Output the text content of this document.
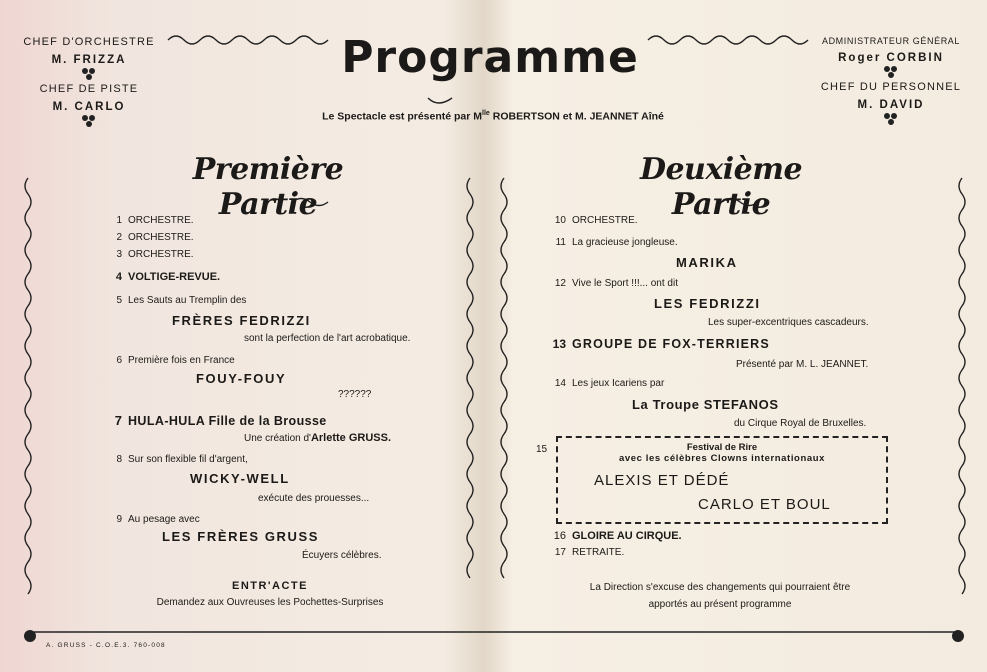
CHEF D'ORCHESTRE
M. FRIZZA
CHEF DE PISTE
M. CARLO
ADMINISTRATEUR GÉNÉRAL
Roger CORBIN
CHEF DU PERSONNEL
M. DAVID
Programme
Le Spectacle est présenté par $M^{lle}$ ROBERTSON et M. JEANNET Aîné
Première Partie
1 ORCHESTRE.
2 ORCHESTRE.
3 ORCHESTRE.
4 VOLTIGE-REVUE.
5 Les Sauts au Tremplin des
FRÈRES FEDRIZZI
sont la perfection de l'art acrobatique.
6 Première fois en France
FOUY-FOUY
??????
7 HULA-HULA Fille de la Brousse
Une création d'Arlette GRUSS.
8 Sur son flexible fil d'argent,
WICKY-WELL
exécute des prouesses...
9 Au pesage avec
LES FRÈRES GRUSS
Écuyers célèbres.
ENTR'ACTE
Demandez aux Ouvreuses les Pochettes-Surprises
Deuxième Partie
10 ORCHESTRE.
11 La gracieuse jongleuse.
MARIKA
12 Vive le Sport !!!... ont dit
LES FEDRIZZI
Les super-excentriques cascadeurs.
13 GROUPE DE FOX-TERRIERS
Présenté par M. L. JEANNET.
14 Les jeux Icariens par
La Troupe STEFANOS
du Cirque Royal de Bruxelles.
15	Festival de Rire
avec les célèbres Clowns internationaux
ALEXIS ET DÉDÉ
CARLO ET BOUL
16 GLOIRE AU CIRQUE.
17 RETRAITE.
La Direction s'excuse des changements qui pourraient être
apportés au présent programme
A. GRUSS - C.O.E.3. 760-008
